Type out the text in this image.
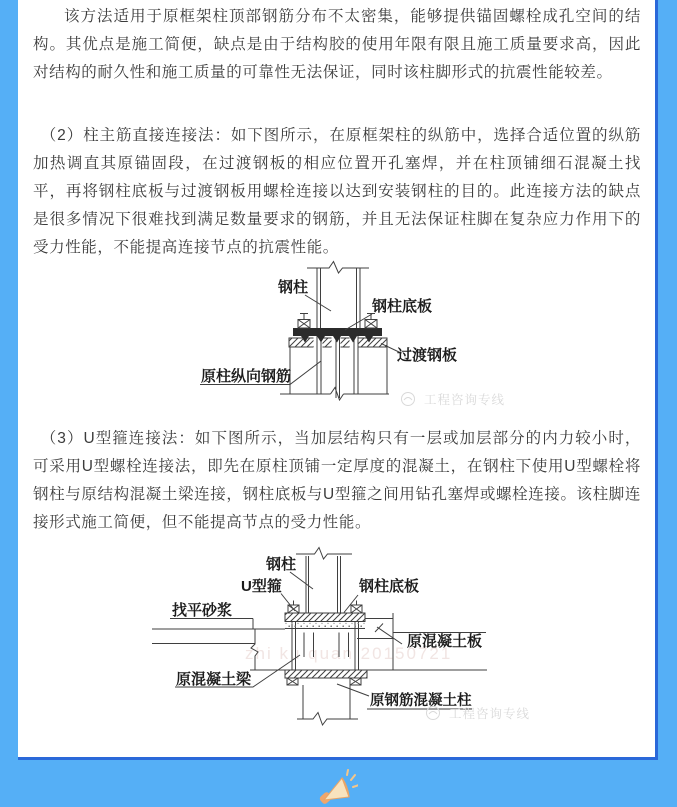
该方法适用于原框架柱顶部钢筋分布不太密集，能够提供锚固螺栓成孔空间的结构。其优点是施工简便，缺点是由于结构胶的使用年限有限且施工质量要求高，因此对结构的耐久性和施工质量的可靠性无法保证，同时该柱脚形式的抗震性能较差。

（2）柱主筋直接连接法：如下图所示，在原框架柱的纵筋中，选择合适位置的纵筋加热调直其原锚固段，在过渡钢板的相应位置开孔塞焊，并在柱顶铺细石混凝土找平，再将钢柱底板与过渡钢板用螺栓连接以达到安装钢柱的目的。此连接方法的缺点是很多情况下很难找到满足数量要求的钢筋，并且无法保证柱脚在复杂应力作用下的受力性能，不能提高连接节点的抗震性能。

（3）U型箍连接法：如下图所示，当加层结构只有一层或加层部分的内力较小时，可采用U型螺栓连接法，即先在原柱顶铺一定厚度的混凝土，在钢柱下使用U型螺栓将钢柱与原结构混凝土梁连接，钢柱底板与U型箍之间用钻孔塞焊或螺栓连接。该柱脚连接形式施工简便，但不能提高节点的受力性能。

钢柱
钢柱底板
过渡钢板
原柱纵向钢筋
工程咨询专线
zhi ku quan 20150721
钢柱
U型箍	钢柱底板
找平砂浆
原混凝土板
原混凝土梁
原钢筋混凝土柱
工程咨询专线
